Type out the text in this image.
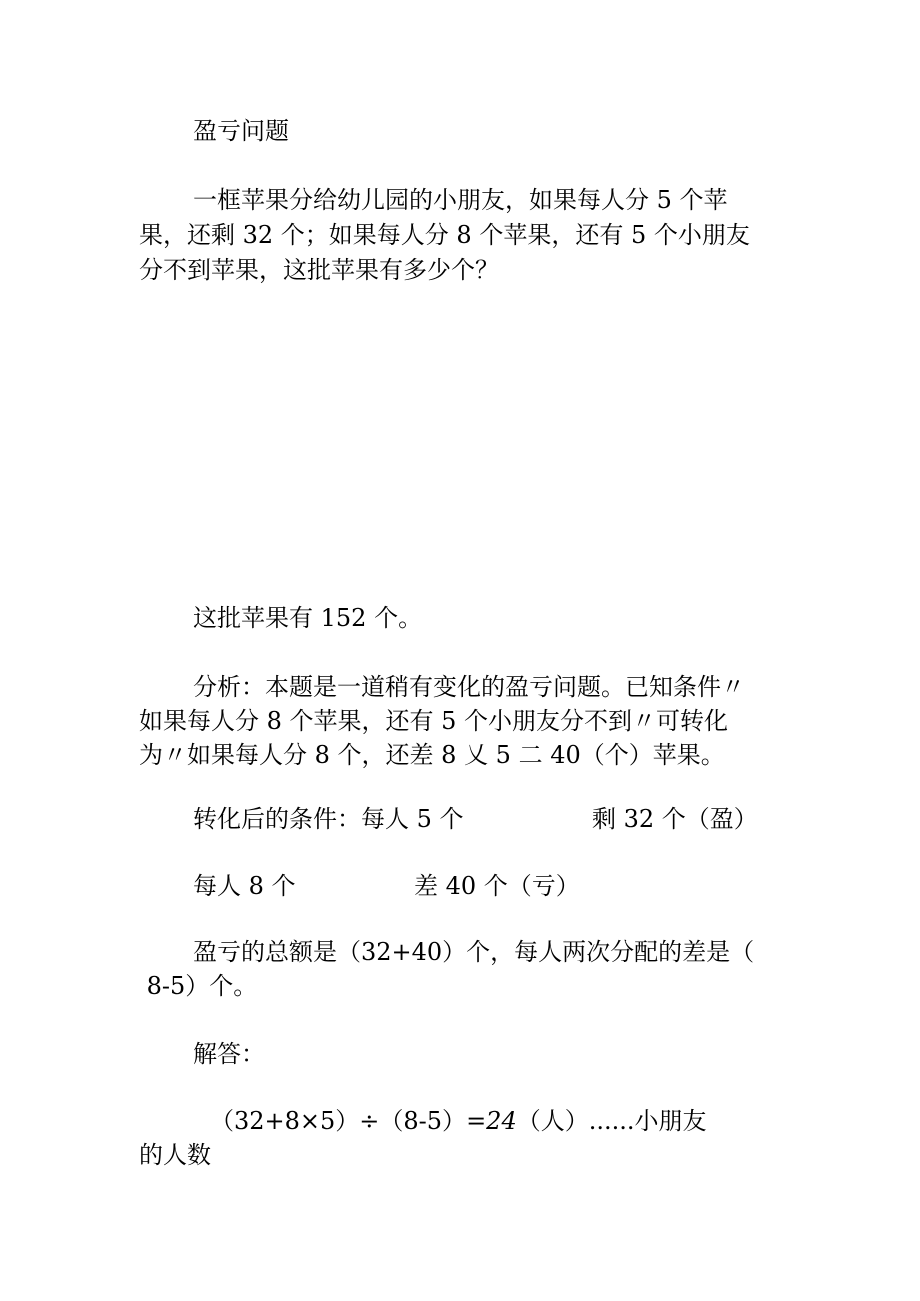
盈亏问题
一框苹果分给幼儿园的小朋友，如果每人分 5 个苹
果，还剩 32 个；如果每人分 8 个苹果，还有 5 个小朋友
分不到苹果，这批苹果有多少个？
这批苹果有 152 个。
分析：本题是一道稍有变化的盈亏问题。已知条件〃
如果每人分 8 个苹果，还有 5 个小朋友分不到〃可转化
为〃如果每人分 8 个，还差 8 乂 5 二 40（个）苹果。
转化后的条件：每人 5 个	剩 32 个（盈）
每人 8 个	差 40 个（亏）
盈亏的总额是（32+40）个，每人两次分配的差是（
8-5）个。
解答：
（32+8×5）÷（8-5）=24（人）......小朋友
的人数
